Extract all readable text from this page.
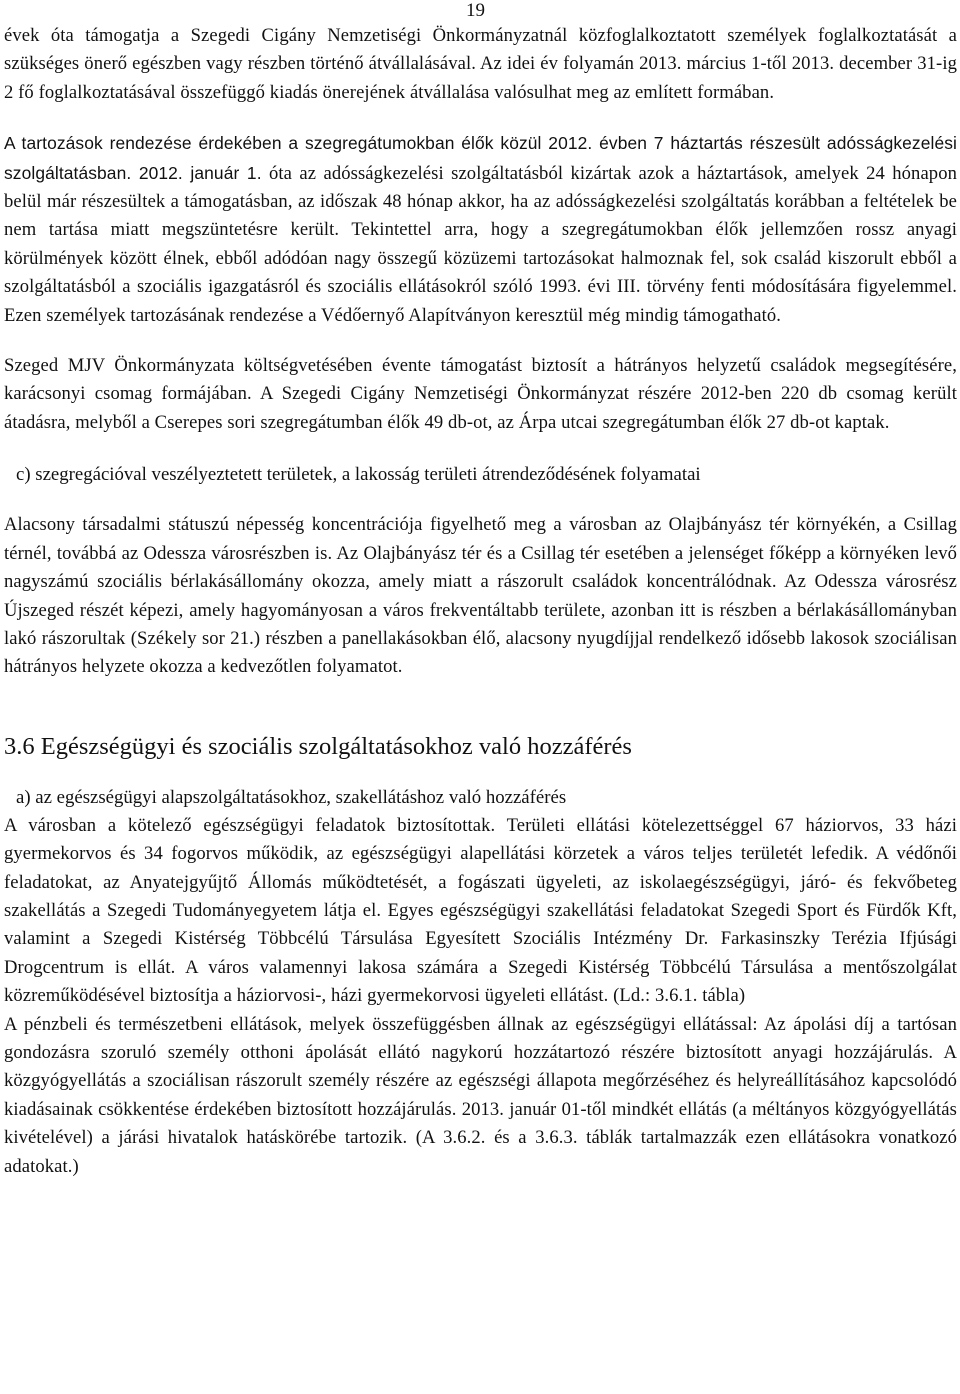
19

évek óta támogatja a Szegedi Cigány Nemzetiségi Önkormányzatnál közfoglalkoztatott személyek foglalkoztatását a szükséges önerő egészben vagy részben történő átvállalásával. Az idei év folyamán 2013. március 1-től 2013. december 31-ig 2 fő foglalkoztatásával összefüggő kiadás önerejének átvállalása valósulhat meg az említett formában.

A tartozások rendezése érdekében a szegregátumokban élők közül 2012. évben 7 háztartás részesült adósságkezelési szolgáltatásban. 2012. január 1. óta az adósságkezelési szolgáltatásból kizártak azok a háztartások, amelyek 24 hónapon belül már részesültek a támogatásban, az időszak 48 hónap akkor, ha az adósságkezelési szolgáltatás korábban a feltételek be nem tartása miatt megszüntetésre került. Tekintettel arra, hogy a szegregátumokban élők jellemzően rossz anyagi körülmények között élnek, ebből adódóan nagy összegű közüzemi tartozásokat halmoznak fel, sok család kiszorult ebből a szolgáltatásból a szociális igazgatásról és szociális ellátásokról szóló 1993. évi III. törvény fenti módosítására figyelemmel. Ezen személyek tartozásának rendezése a Védőernyő Alapítványon keresztül még mindig támogatható.

Szeged MJV Önkormányzata költségvetésében évente támogatást biztosít a hátrányos helyzetű családok megsegítésére, karácsonyi csomag formájában. A Szegedi Cigány Nemzetiségi Önkormányzat részére 2012-ben 220 db csomag került átadásra, melyből a Cserepes sori szegregátumban élők 49 db-ot, az Árpa utcai szegregátumban élők 27 db-ot kaptak.

c) szegregációval veszélyeztetett területek, a lakosság területi átrendeződésének folyamatai

Alacsony társadalmi státuszú népesség koncentrációja figyelhető meg a városban az Olajbányász tér környékén, a Csillag térnél, továbbá az Odessza városrészben is. Az Olajbányász tér és a Csillag tér esetében a jelenséget főképp a környéken levő nagyszámú szociális bérlakásállomány okozza, amely miatt a rászorult családok koncentrálódnak. Az Odessza városrész Újszeged részét képezi, amely hagyományosan a város frekventáltabb területe, azonban itt is részben a bérlakásállományban lakó rászorultak (Székely sor 21.) részben a panellakásokban élő, alacsony nyugdíjjal rendelkező idősebb lakosok szociálisan hátrányos helyzete okozza a kedvezőtlen folyamatot.

3.6 Egészségügyi és szociális szolgáltatásokhoz való hozzáférés

a) az egészségügyi alapszolgáltatásokhoz, szakellátáshoz való hozzáférés

A városban a kötelező egészségügyi feladatok biztosítottak. Területi ellátási kötelezettséggel 67 háziorvos, 33 házi gyermekorvos és 34 fogorvos működik, az egészségügyi alapellátási körzetek a város teljes területét lefedik. A védőnői feladatokat, az Anyatejgyűjtő Állomás működtetését, a fogászati ügyeleti, az iskolaegészségügyi, járó- és fekvőbeteg szakellátás a Szegedi Tudományegyetem látja el. Egyes egészségügyi szakellátási feladatokat Szegedi Sport és Fürdők Kft, valamint a Szegedi Kistérség Többcélú Társulása Egyesített Szociális Intézmény Dr. Farkasinszky Terézia Ifjúsági Drogcentrum is ellát. A város valamennyi lakosa számára a Szegedi Kistérség Többcélú Társulása a mentőszolgálat közreműködésével biztosítja a háziorvosi-, házi gyermekorvosi ügyeleti ellátást. (Ld.: 3.6.1. tábla)

A pénzbeli és természetbeni ellátások, melyek összefüggésben állnak az egészségügyi ellátással: Az ápolási díj a tartósan gondozásra szoruló személy otthoni ápolását ellátó nagykorú hozzátartozó részére biztosított anyagi hozzájárulás. A közgyógyellátás a szociálisan rászorult személy részére az egészségi állapota megőrzéséhez és helyreállításához kapcsolódó kiadásainak csökkentése érdekében biztosított hozzájárulás. 2013. január 01-től mindkét ellátás (a méltányos közgyógyellátás kivételével) a járási hivatalok hatáskörébe tartozik. (A 3.6.2. és a 3.6.3. táblák tartalmazzák ezen ellátásokra vonatkozó adatokat.)
